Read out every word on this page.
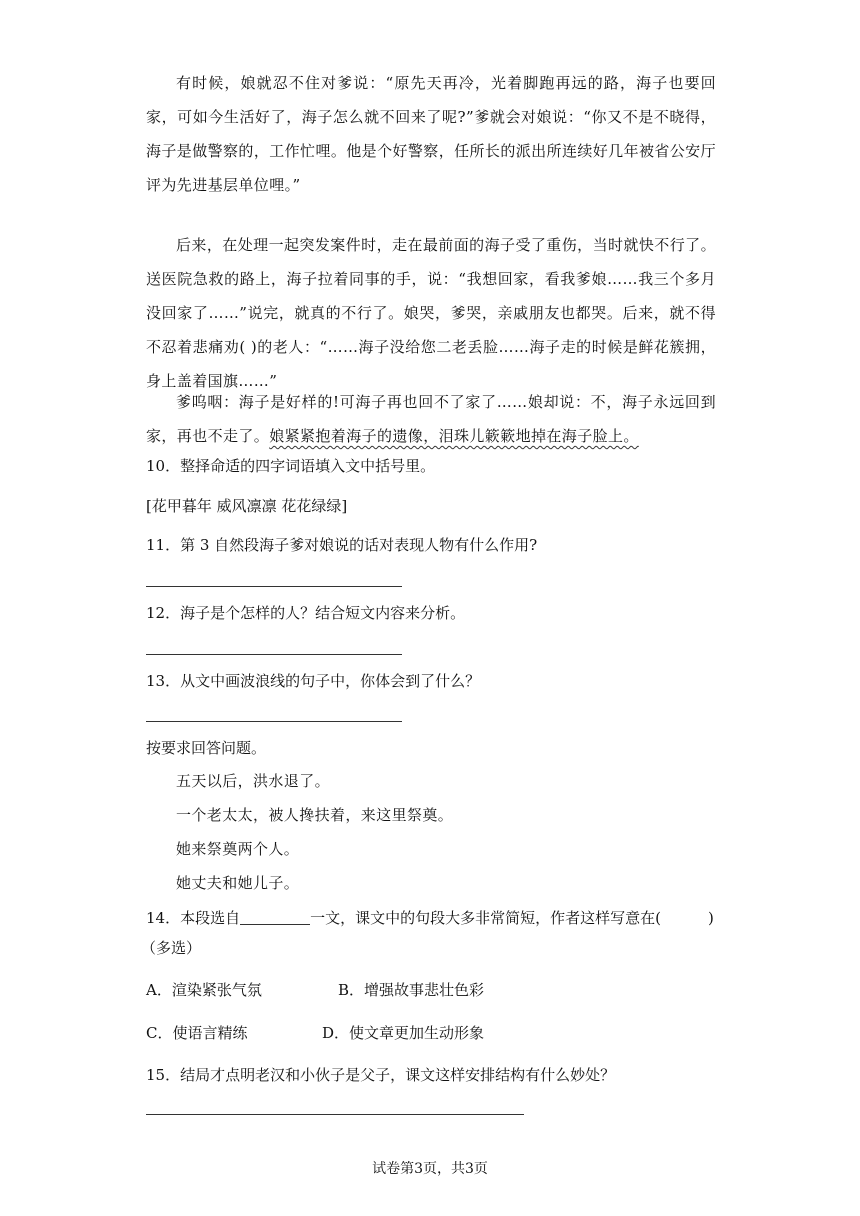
有时候，娘就忍不住对爹说：“原先天再冷，光着脚跑再远的路，海子也要回家，可如今生活好了，海子怎么就不回来了呢?”爹就会对娘说：“你又不是不晓得，海子是做警察的，工作忙哩。他是个好警察，任所长的派出所连续好几年被省公安厅评为先进基层单位哩。”
后来，在处理一起突发案件时，走在最前面的海子受了重伤，当时就快不行了。送医院急救的路上，海子拉着同事的手，说：“我想回家，看我爹娘……我三个多月没回家了……”说完，就真的不行了。娘哭，爹哭，亲戚朋友也都哭。后来，就不得不忍着悲痛劝( )的老人：“……海子没给您二老丢脸……海子走的时候是鲜花簇拥，身上盖着国旗……”
爹呜咽：海子是好样的!可海子再也回不了家了……娘却说：不，海子永远回到家，再也不走了。娘紧紧抱着海子的遗像，泪珠儿簌簌地掉在海子脸上。
10．整择命适的四字词语填入文中括号里。
[花甲暮年 威风凛凛 花花绿绿]
11．第 3 自然段海子爹对娘说的话对表现人物有什么作用?
12．海子是个怎样的人？结合短文内容来分析。
13．从文中画波浪线的句子中，你体会到了什么？
按要求回答问题。
五天以后，洪水退了。
一个老太太，被人搀扶着，来这里祭奠。
她来祭奠两个人。
她丈夫和她儿子。
14．本段选自	一文，课文中的句段大多非常简短，作者这样写意在(	)
（多选）
A．渲染紧张气氛	B．增强故事悲壮色彩
C．使语言精练	D．使文章更加生动形象
15．结局才点明老汉和小伙子是父子，课文这样安排结构有什么妙处？
试卷第3页，共3页
